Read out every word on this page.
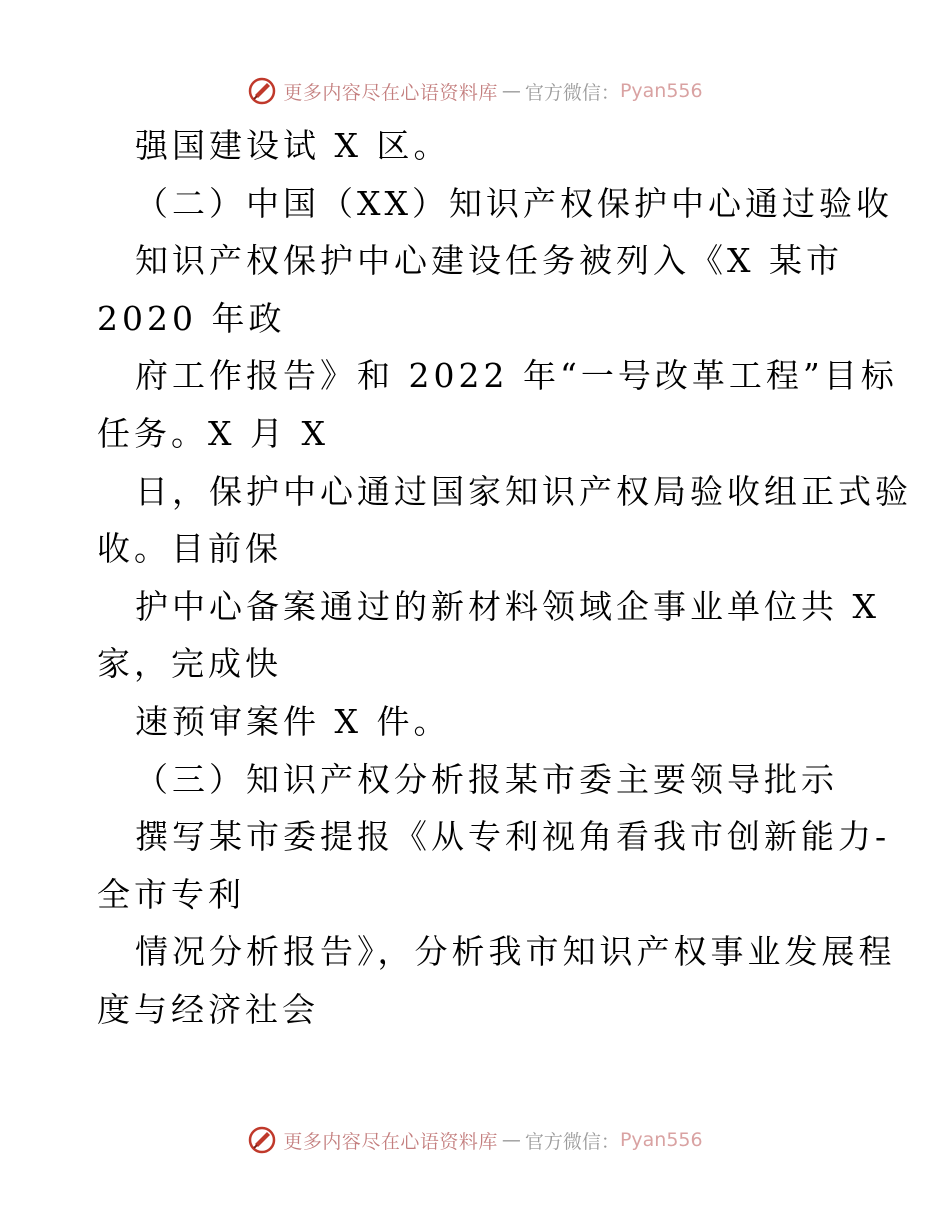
更多内容尽在心语资料库 — 官方微信： Pyan556
强国建设试 X 区。
（二）中国（XX）知识产权保护中心通过验收
知识产权保护中心建设任务被列入《X 某市
2020 年政
府工作报告》和 2022 年“一号改革工程”目标
任务。X 月 X
日，保护中心通过国家知识产权局验收组正式验
收。目前保
护中心备案通过的新材料领域企事业单位共 X
家，完成快
速预审案件 X 件。
（三）知识产权分析报某市委主要领导批示
撰写某市委提报《从专利视角看我市创新能力-
全市专利
情况分析报告》，分析我市知识产权事业发展程
度与经济社会
更多内容尽在心语资料库 — 官方微信： Pyan556
